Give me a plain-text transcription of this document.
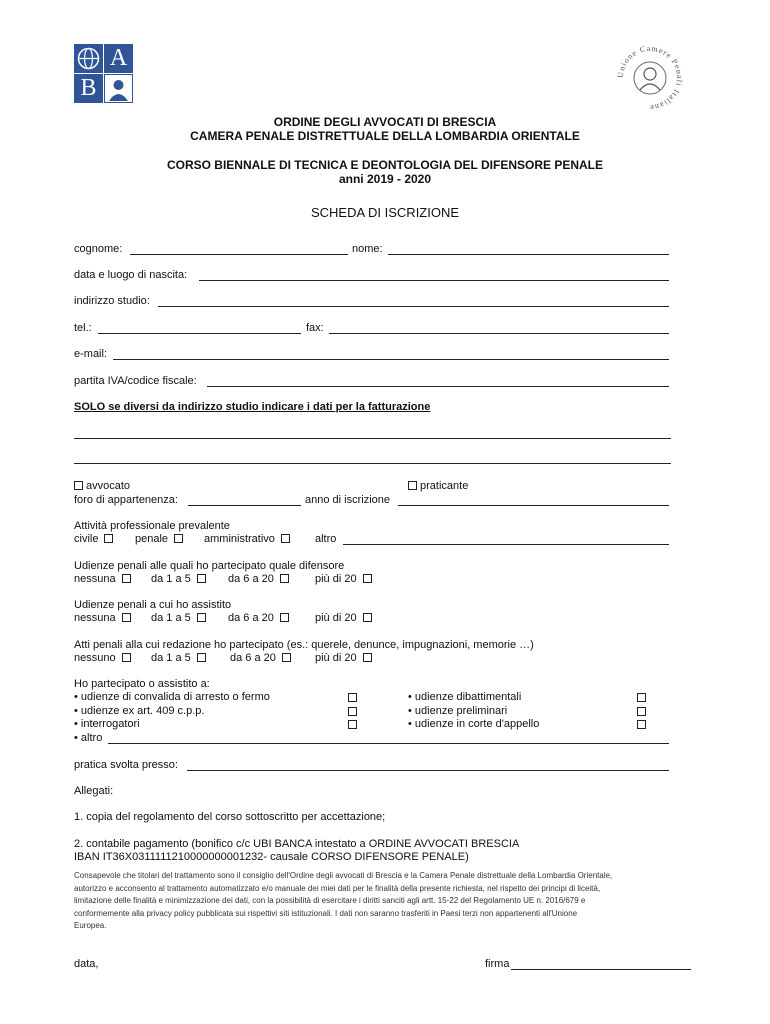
A
B
Unione Camere Penali Italiane
ORDINE DEGLI AVVOCATI DI BRESCIA
CAMERA PENALE DISTRETTUALE DELLA LOMBARDIA ORIENTALE
CORSO BIENNALE DI TECNICA E DEONTOLOGIA DEL DIFENSORE PENALE
anni 2019 - 2020
SCHEDA DI ISCRIZIONE
cognome:	nome:
data e luogo di nascita:
indirizzo studio:
tel.:	fax:
e-mail:
partita IVA/codice fiscale:
SOLO se diversi da indirizzo studio indicare i dati per la fatturazione
avvocato	praticante
foro di appartenenza:	anno di iscrizione
Attività professionale prevalente
civile	penale	amministrativo	altro
Udienze penali alle quali ho partecipato quale difensore
nessuna	da 1 a 5	da 6 a 20	più di 20
Udienze penali a cui ho assistito
nessuna	da 1 a 5	da 6 a 20	più di 20
Atti penali alla cui redazione ho partecipato (es.: querele, denunce, impugnazioni, memorie …)
nessuno	da 1 a 5	da 6 a 20	più di 20
Ho partecipato o assistito a:
• udienze di convalida di arresto o fermo
• udienze ex art. 409 c.p.p.
• interrogatori
• udienze dibattimentali
• udienze preliminari
• udienze in corte d'appello
• altro
pratica svolta presso:
Allegati:
1. copia del regolamento del corso sottoscritto per accettazione;
2. contabile pagamento (bonifico c/c UBI BANCA intestato a ORDINE AVVOCATI BRESCIA
IBAN IT36X0311111210000000001232- causale CORSO DIFENSORE PENALE)
Consapevole che titolari del trattamento sono il consiglio dell'Ordine degli avvocati di Brescia e la Camera Penale distrettuale della Lombardia Orientale,
autorizzo e acconsento al trattamento automatizzato e/o manuale dei miei dati per le finalità della presente richiesta, nel rispetto dei principi di liceità,
limitazione delle finalità e minimizzazione dei dati, con la possibilità di esercitare i diritti sanciti agli artt. 15-22 del Regolamento UE n. 2016/679 e
conformemente alla privacy policy pubblicata sui rispettivi siti istituzionali. I dati non saranno trasferiti in Paesi terzi non appartenenti all'Unione
Europea.
data,	firma
